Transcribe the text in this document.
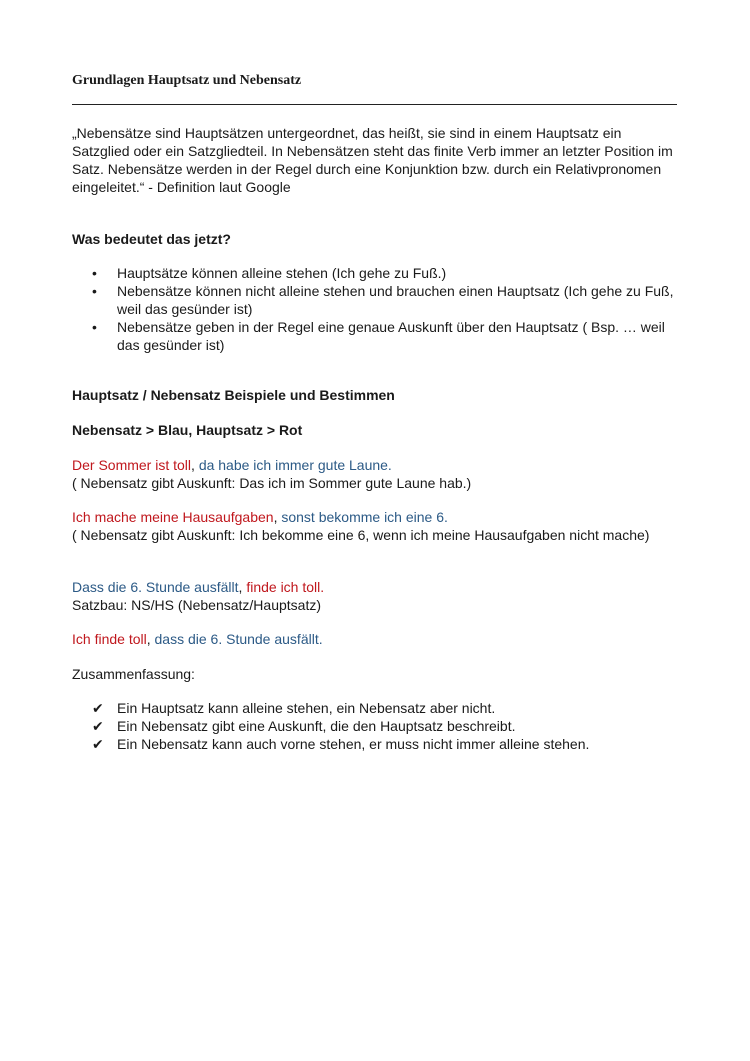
Grundlagen Hauptsatz und Nebensatz
„Nebensätze sind Hauptsätzen untergeordnet, das heißt, sie sind in einem Hauptsatz ein Satzglied oder ein Satzgliedteil. In Nebensätzen steht das finite Verb immer an letzter Position im Satz. Nebensätze werden in der Regel durch eine Konjunktion bzw. durch ein Relativpronomen eingeleitet.“ - Definition laut Google
Was bedeutet das jetzt?
• Hauptsätze können alleine stehen (Ich gehe zu Fuß.)
• Nebensätze können nicht alleine stehen und brauchen einen Hauptsatz (Ich gehe zu Fuß, weil das gesünder ist)
• Nebensätze geben in der Regel eine genaue Auskunft über den Hauptsatz ( Bsp. … weil das gesünder ist)
Hauptsatz / Nebensatz Beispiele und Bestimmen
Nebensatz > Blau, Hauptsatz > Rot
Der Sommer ist toll, da habe ich immer gute Laune.
( Nebensatz gibt Auskunft: Das ich im Sommer gute Laune hab.)
Ich mache meine Hausaufgaben, sonst bekomme ich eine 6.
( Nebensatz gibt Auskunft: Ich bekomme eine 6, wenn ich meine Hausaufgaben nicht mache)
Dass die 6. Stunde ausfällt, finde ich toll.
Satzbau: NS/HS (Nebensatz/Hauptsatz)
Ich finde toll, dass die 6. Stunde ausfällt.
Zusammenfassung:
✔ Ein Hauptsatz kann alleine stehen, ein Nebensatz aber nicht.
✔ Ein Nebensatz gibt eine Auskunft, die den Hauptsatz beschreibt.
✔ Ein Nebensatz kann auch vorne stehen, er muss nicht immer alleine stehen.
